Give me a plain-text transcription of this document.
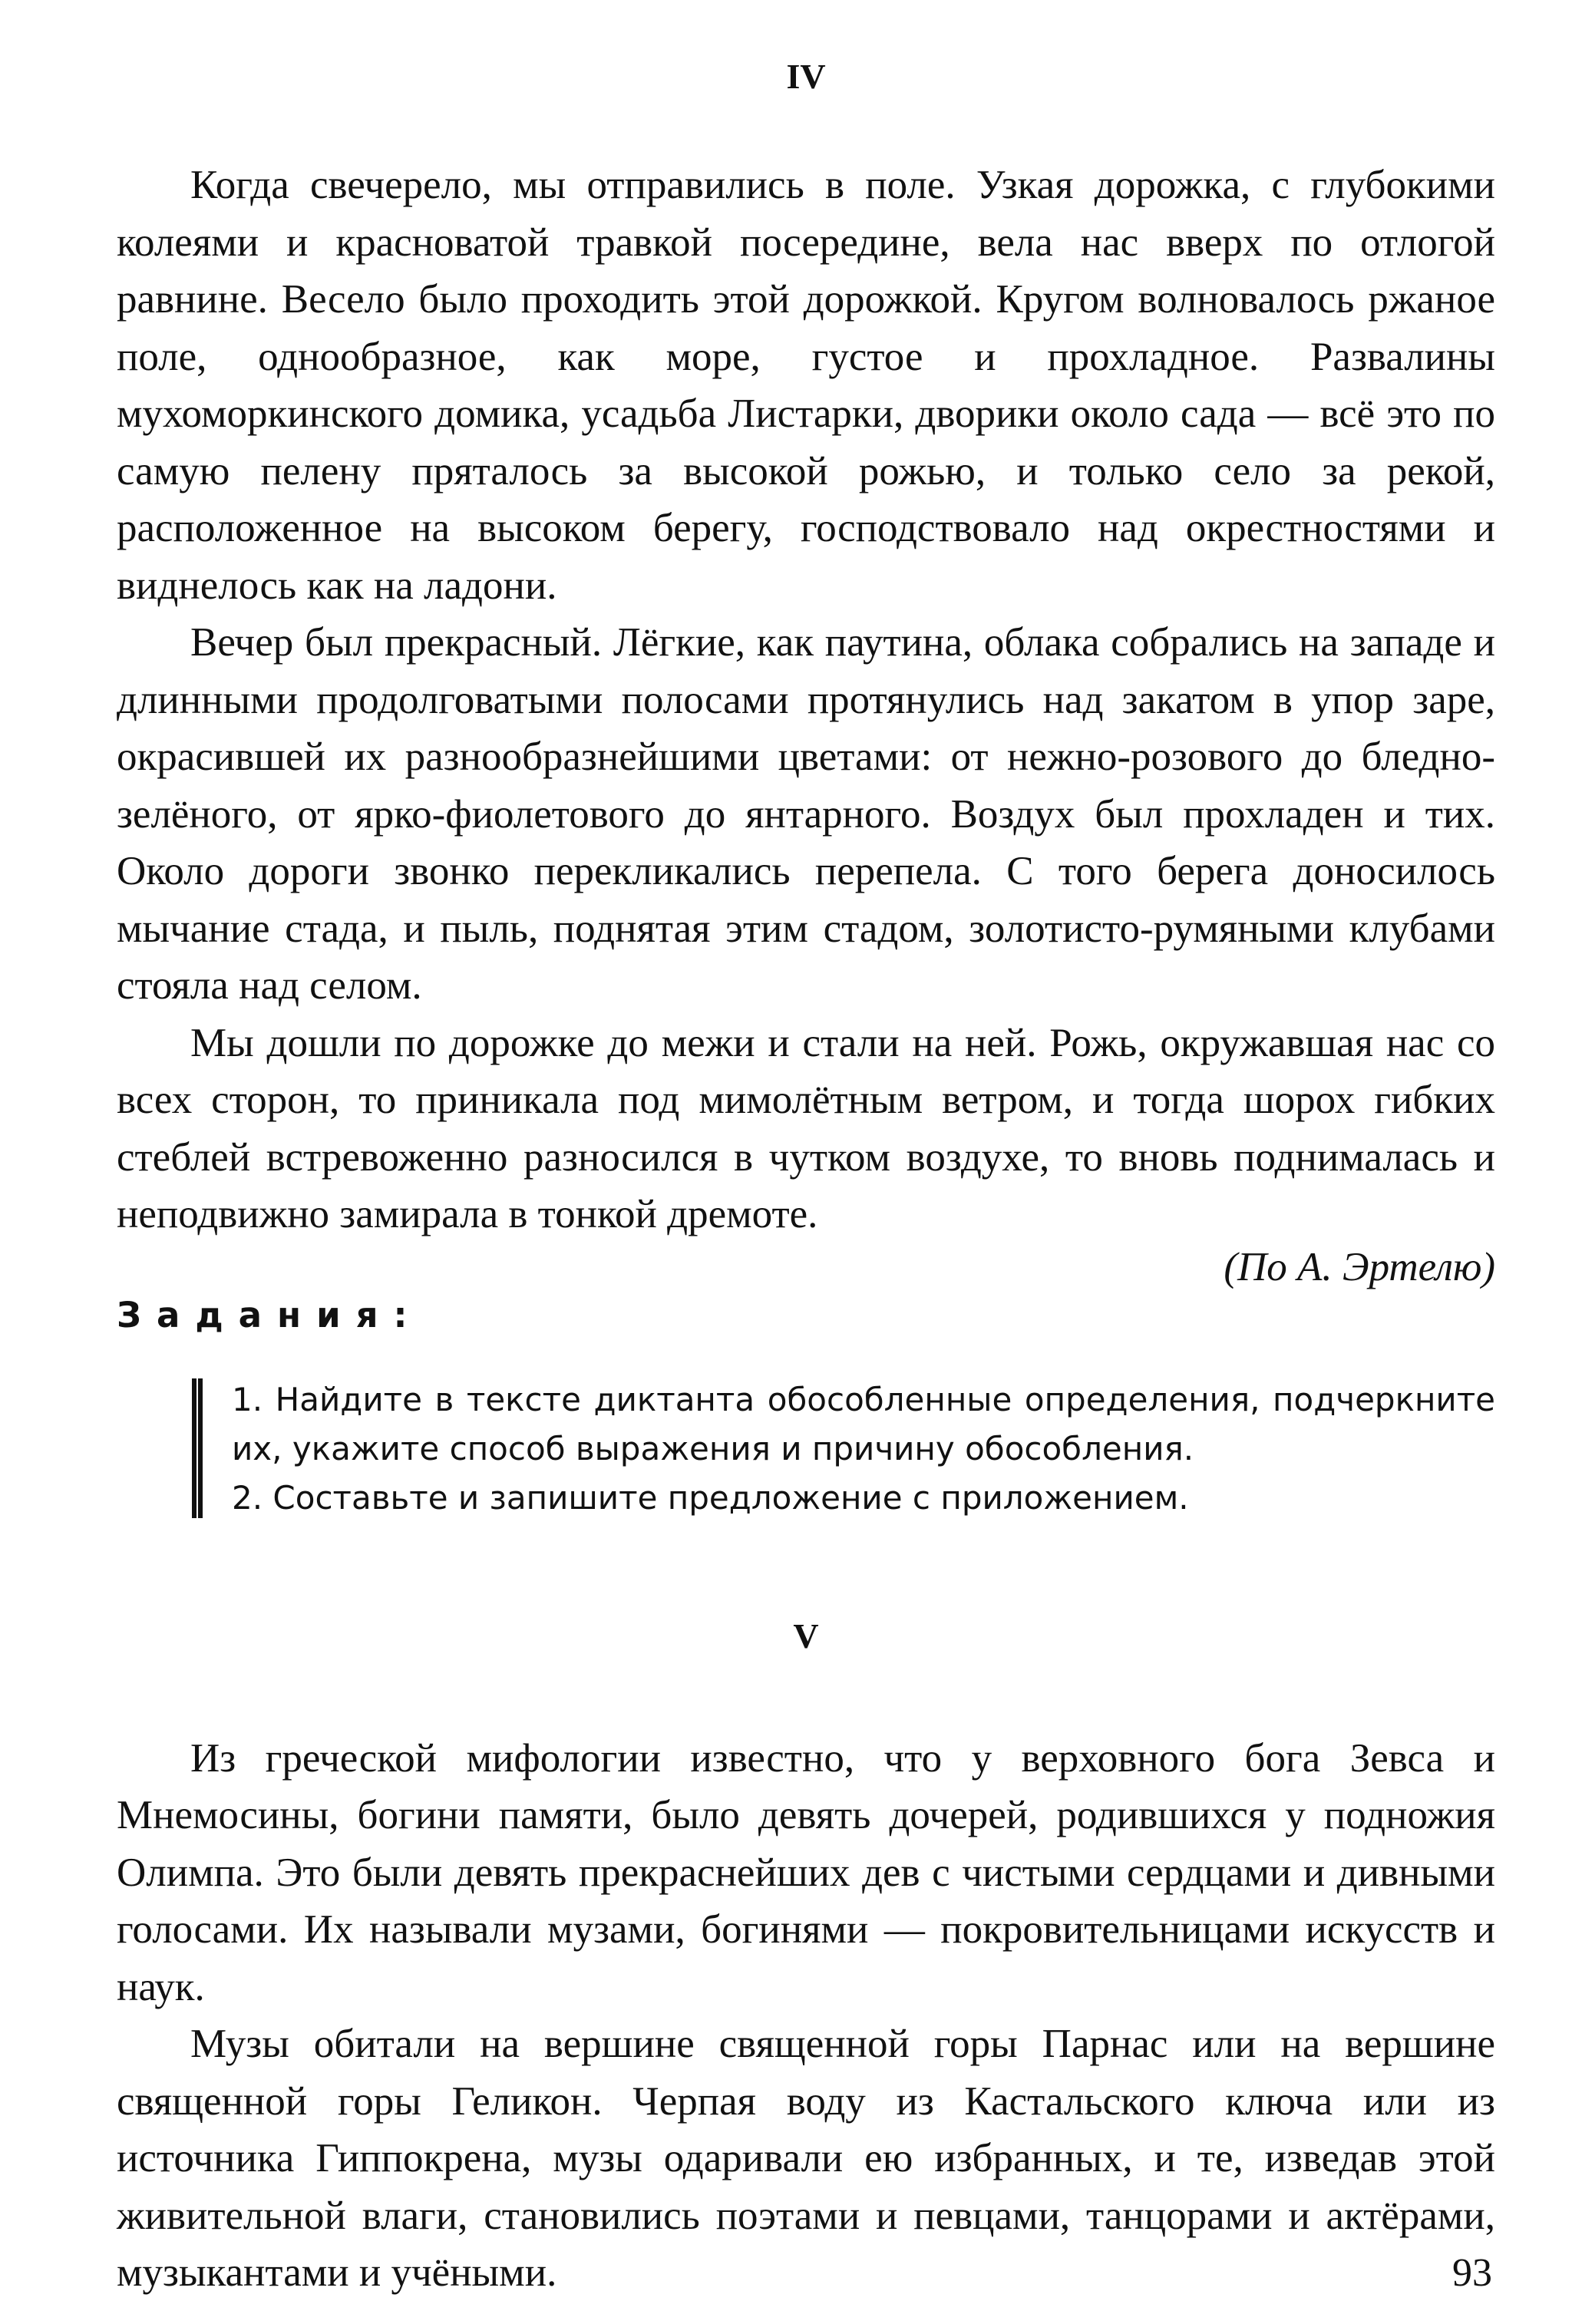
IV

Когда свечерело, мы отправились в поле. Узкая дорожка, с глубокими колеями и красноватой травкой посередине, вела нас вверх по отлогой равнине. Весело было проходить этой дорожкой. Кругом волновалось ржаное поле, однообразное, как море, густое и прохладное. Развалины мухоморкинского домика, усадьба Листарки, дворики около сада — всё это по самую пелену пряталось за высокой рожью, и только село за рекой, расположенное на высоком берегу, господствовало над окрестностями и виднелось как на ладони.

Вечер был прекрасный. Лёгкие, как паутина, облака собрались на западе и длинными продолговатыми полосами протянулись над закатом в упор заре, окрасившей их разнообразнейшими цветами: от нежно-розового до бледно-зелёного, от ярко-фиолетового до янтарного. Воздух был прохладен и тих. Около дороги звонко перекликались перепела. С того берега доносилось мычание стада, и пыль, поднятая этим стадом, золотисто-румяными клубами стояла над селом.

Мы дошли по дорожке до межи и стали на ней. Рожь, окружавшая нас со всех сторон, то приникала под мимолётным ветром, и тогда шорох гибких стеблей встревоженно разносился в чутком воздухе, то вновь поднималась и неподвижно замирала в тонкой дремоте.

(По А. Эртелю)
Задания:

1. Найдите в тексте диктанта обособленные определения, подчеркните их, укажите способ выражения и причину обособления.

2. Составьте и запишите предложение с приложением.

V

Из греческой мифологии известно, что у верховного бога Зевса и Мнемосины, богини памяти, было девять дочерей, родившихся у подножия Олимпа. Это были девять прекраснейших дев с чистыми сердцами и дивными голосами. Их называли музами, богинями — покровительницами искусств и наук.

Музы обитали на вершине священной горы Парнас или на вершине священной горы Геликон. Черпая воду из Кастальского ключа или из источника Гиппокрена, музы одаривали ею избранных, и те, изведав этой живительной влаги, становились поэтами и певцами, танцорами и актёрами, музыкантами и учёными.	93
